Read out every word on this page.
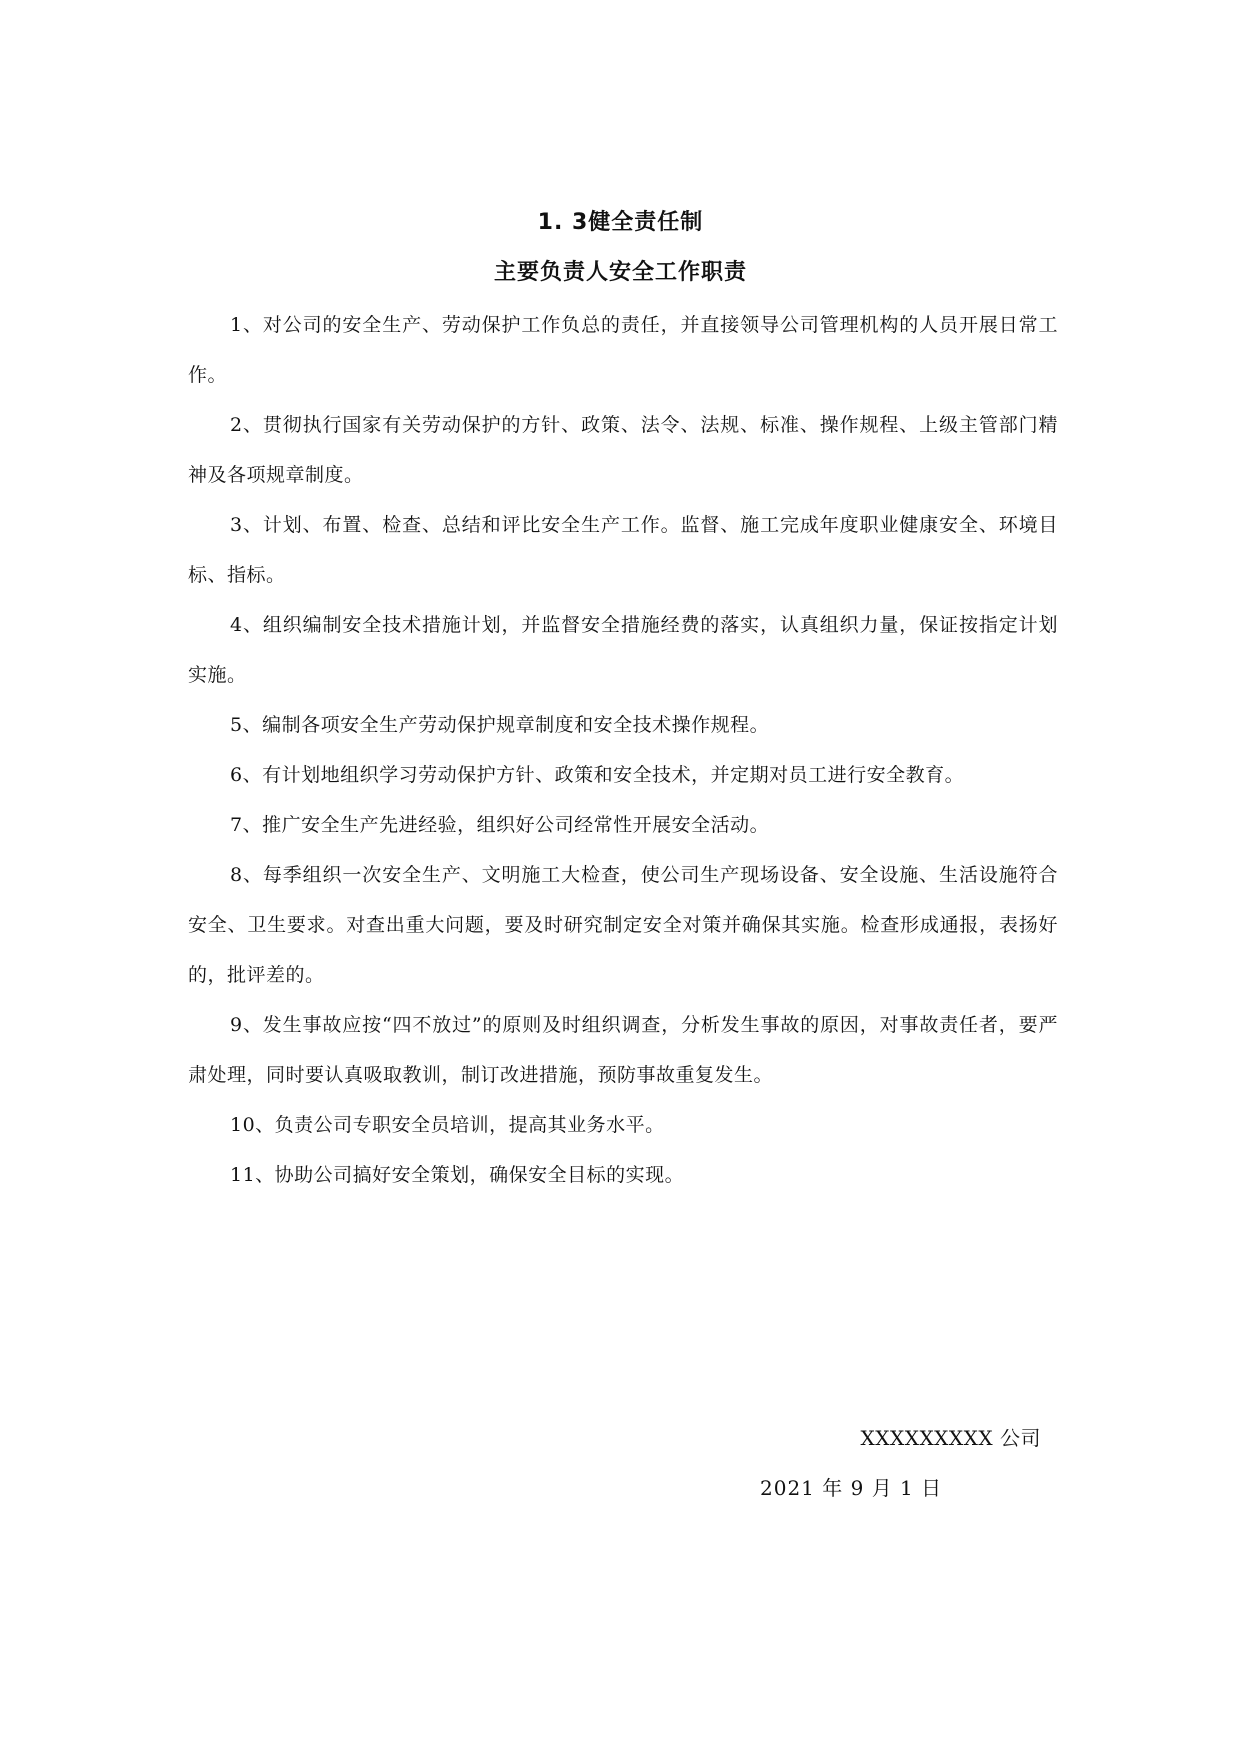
1. 3健全责任制
主要负责人安全工作职责

1、对公司的安全生产、劳动保护工作负总的责任，并直接领导公司管理机构的人员开展日常工作。

2、贯彻执行国家有关劳动保护的方针、政策、法令、法规、标准、操作规程、上级主管部门精神及各项规章制度。

3、计划、布置、检查、总结和评比安全生产工作。监督、施工完成年度职业健康安全、环境目标、指标。

4、组织编制安全技术措施计划，并监督安全措施经费的落实，认真组织力量，保证按指定计划实施。

5、编制各项安全生产劳动保护规章制度和安全技术操作规程。

6、有计划地组织学习劳动保护方针、政策和安全技术，并定期对员工进行安全教育。

7、推广安全生产先进经验，组织好公司经常性开展安全活动。

8、每季组织一次安全生产、文明施工大检查，使公司生产现场设备、安全设施、生活设施符合安全、卫生要求。对查出重大问题，要及时研究制定安全对策并确保其实施。检查形成通报，表扬好的，批评差的。

9、发生事故应按“四不放过”的原则及时组织调查，分析发生事故的原因，对事故责任者，要严肃处理，同时要认真吸取教训，制订改进措施，预防事故重复发生。

10、负责公司专职安全员培训，提高其业务水平。

11、协助公司搞好安全策划，确保安全目标的实现。

XXXXXXXXX 公司
2021 年 9 月 1 日
